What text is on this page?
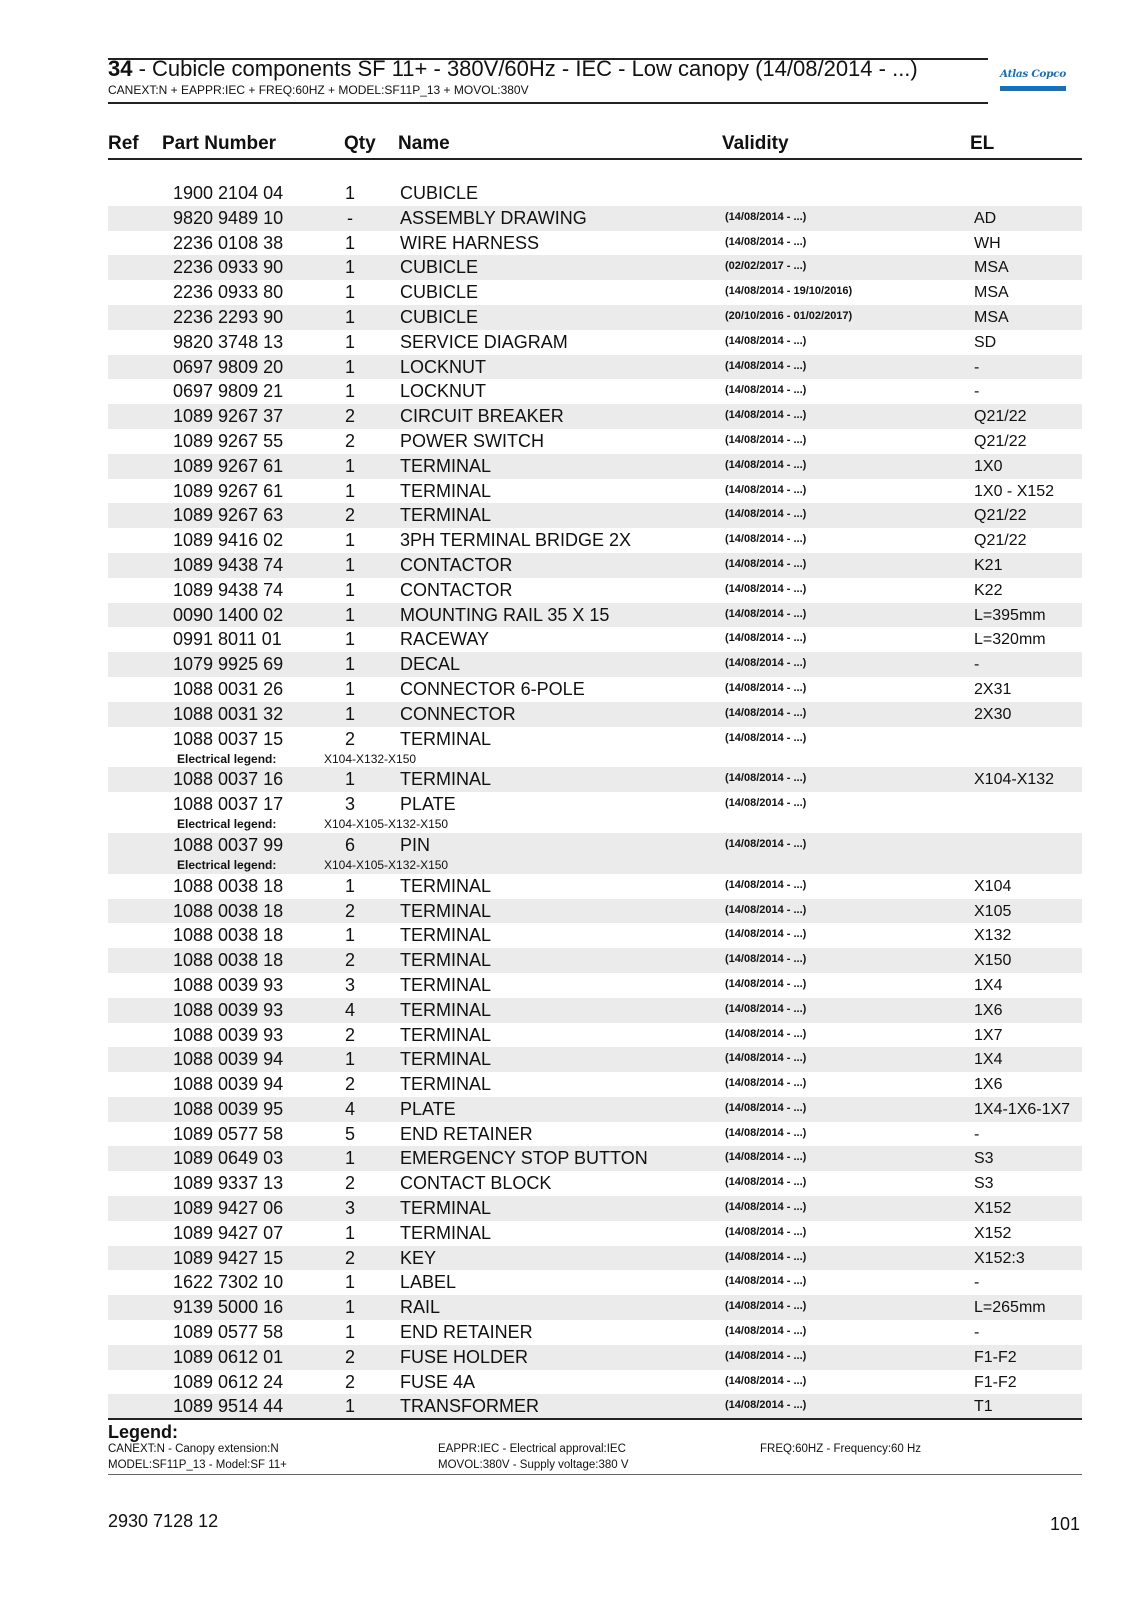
34 - Cubicle components SF 11+ - 380V/60Hz - IEC - Low canopy (14/08/2014 - ...)
CANEXT:N + EAPPR:IEC + FREQ:60HZ + MODEL:SF11P_13 + MOVOL:380V
Atlas Copco
Ref Part Number	Qty Name	Validity	EL
1900 2104 04	1	CUBICLE
9820 9489 10	-	ASSEMBLY DRAWING	(14/08/2014 - ...)	AD
2236 0108 38	1	WIRE HARNESS	(14/08/2014 - ...)	WH
2236 0933 90	1	CUBICLE	(02/02/2017 - ...)	MSA
2236 0933 80	1	CUBICLE	(14/08/2014 - 19/10/2016)	MSA
2236 2293 90	1	CUBICLE	(20/10/2016 - 01/02/2017)	MSA
9820 3748 13	1	SERVICE DIAGRAM	(14/08/2014 - ...)	SD
0697 9809 20	1	LOCKNUT	(14/08/2014 - ...)	-
0697 9809 21	1	LOCKNUT	(14/08/2014 - ...)	-
1089 9267 37	2	CIRCUIT BREAKER	(14/08/2014 - ...)	Q21/22
1089 9267 55	2	POWER SWITCH	(14/08/2014 - ...)	Q21/22
1089 9267 61	1	TERMINAL	(14/08/2014 - ...)	1X0
1089 9267 61	1	TERMINAL	(14/08/2014 - ...)	1X0 - X152
1089 9267 63	2	TERMINAL	(14/08/2014 - ...)	Q21/22
1089 9416 02	1	3PH TERMINAL BRIDGE 2X	(14/08/2014 - ...)	Q21/22
1089 9438 74	1	CONTACTOR	(14/08/2014 - ...)	K21
1089 9438 74	1	CONTACTOR	(14/08/2014 - ...)	K22
0090 1400 02	1	MOUNTING RAIL 35 X 15	(14/08/2014 - ...)	L=395mm
0991 8011 01	1	RACEWAY	(14/08/2014 - ...)	L=320mm
1079 9925 69	1	DECAL	(14/08/2014 - ...)	-
1088 0031 26	1	CONNECTOR 6-POLE	(14/08/2014 - ...)	2X31
1088 0031 32	1	CONNECTOR	(14/08/2014 - ...)	2X30
1088 0037 15	2	TERMINAL	(14/08/2014 - ...)
Electrical legend:	X104-X132-X150
1088 0037 16	1	TERMINAL	(14/08/2014 - ...)	X104-X132
1088 0037 17	3	PLATE	(14/08/2014 - ...)
Electrical legend:	X104-X105-X132-X150
1088 0037 99	6	PIN	(14/08/2014 - ...)
Electrical legend:	X104-X105-X132-X150
1088 0038 18	1	TERMINAL	(14/08/2014 - ...)	X104
1088 0038 18	2	TERMINAL	(14/08/2014 - ...)	X105
1088 0038 18	1	TERMINAL	(14/08/2014 - ...)	X132
1088 0038 18	2	TERMINAL	(14/08/2014 - ...)	X150
1088 0039 93	3	TERMINAL	(14/08/2014 - ...)	1X4
1088 0039 93	4	TERMINAL	(14/08/2014 - ...)	1X6
1088 0039 93	2	TERMINAL	(14/08/2014 - ...)	1X7
1088 0039 94	1	TERMINAL	(14/08/2014 - ...)	1X4
1088 0039 94	2	TERMINAL	(14/08/2014 - ...)	1X6
1088 0039 95	4	PLATE	(14/08/2014 - ...)	1X4-1X6-1X7
1089 0577 58	5	END RETAINER	(14/08/2014 - ...)	-
1089 0649 03	1	EMERGENCY STOP BUTTON	(14/08/2014 - ...)	S3
1089 9337 13	2	CONTACT BLOCK	(14/08/2014 - ...)	S3
1089 9427 06	3	TERMINAL	(14/08/2014 - ...)	X152
1089 9427 07	1	TERMINAL	(14/08/2014 - ...)	X152
1089 9427 15	2	KEY	(14/08/2014 - ...)	X152:3
1622 7302 10	1	LABEL	(14/08/2014 - ...)	-
9139 5000 16	1	RAIL	(14/08/2014 - ...)	L=265mm
1089 0577 58	1	END RETAINER	(14/08/2014 - ...)	-
1089 0612 01	2	FUSE HOLDER	(14/08/2014 - ...)	F1-F2
1089 0612 24	2	FUSE 4A	(14/08/2014 - ...)	F1-F2
1089 9514 44	1	TRANSFORMER	(14/08/2014 - ...)	T1
Legend:
CANEXT:N - Canopy extension:N
MODEL:SF11P_13 - Model:SF 11+
EAPPR:IEC - Electrical approval:IEC
MOVOL:380V - Supply voltage:380 V
FREQ:60HZ - Frequency:60 Hz
2930 7128 12	101
